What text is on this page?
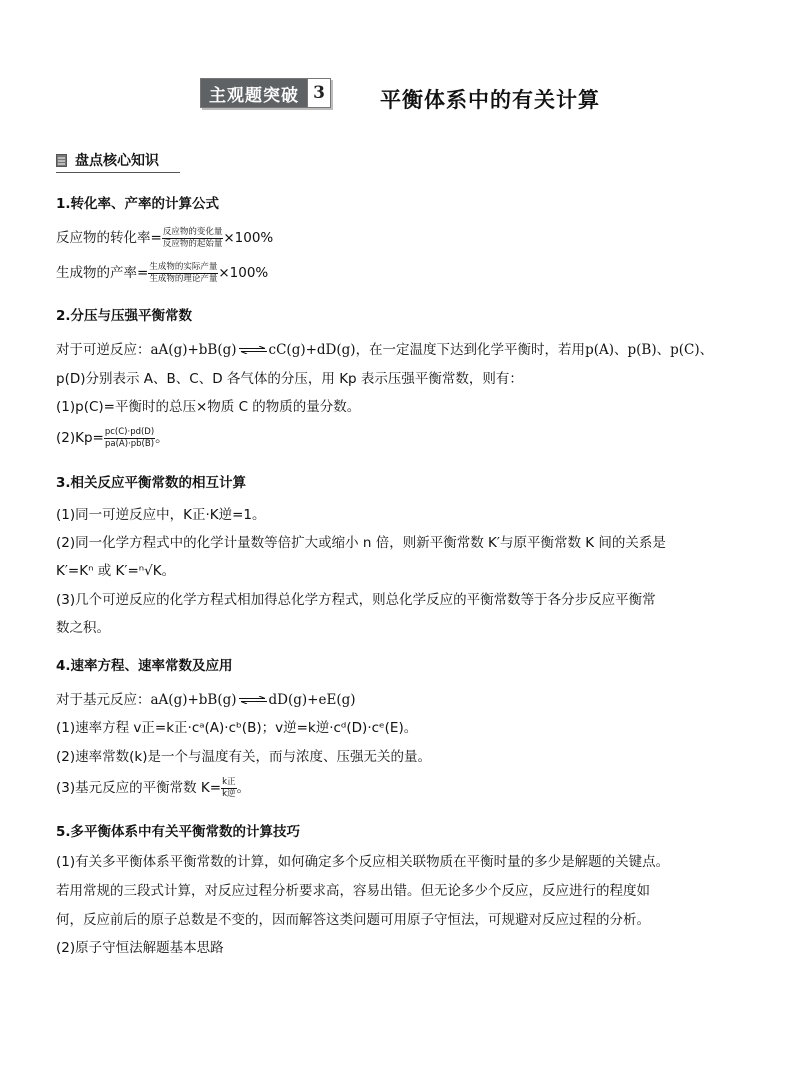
主观题突破 3	平衡体系中的有关计算
盘点核心知识
1.转化率、产率的计算公式
反应物的转化率= $\frac{\text{反应物的变化量}}{\text{反应物的起始量}} \times 100\%$
生成物的产率= $\frac{\text{生成物的实际产量}}{\text{生成物的理论产量}} \times 100\%$
2.分压与压强平衡常数
对于可逆反应：aA(g)+bB(g) ⇌ cC(g)+dD(g)，在一定温度下达到化学平衡时，若用p(A)、p(B)、p(C)、
p(D)分别表示 A、B、C、D 各气体的分压，用 Kp 表示压强平衡常数，则有：
(1)p(C)=平衡时的总压×物质 C 的物质的量分数。
$(2)Kp= \frac{pc(C)\cdot pd(D)}{pa(A)\cdot pb(B)}$ 。
3.相关反应平衡常数的相互计算
(1)同一可逆反应中，K正·K逆=1。
(2)同一化学方程式中的化学计量数等倍扩大或缩小 n 倍，则新平衡常数 K′与原平衡常数 K 间的关系是
K′=Kⁿ 或 K′=ⁿ√K。
(3)几个可逆反应的化学方程式相加得总化学方程式，则总化学反应的平衡常数等于各分步反应平衡常
数之积。
4.速率方程、速率常数及应用
对于基元反应：aA(g)+bB(g) ⇌ dD(g)+eE(g)
(1)速率方程 v正=k正·cᵃ(A)·cᵇ(B)；v逆=k逆·cᵈ(D)·cᵉ(E)。
(2)速率常数(k)是一个与温度有关，而与浓度、压强无关的量。
(3)基元反应的平衡常数 $K= \frac{\text{k正}}{\text{k逆}}$ 。
5.多平衡体系中有关平衡常数的计算技巧
(1)有关多平衡体系平衡常数的计算，如何确定多个反应相关联物质在平衡时量的多少是解题的关键点。
若用常规的三段式计算，对反应过程分析要求高，容易出错。但无论多少个反应，反应进行的程度如
何，反应前后的原子总数是不变的，因而解答这类问题可用原子守恒法，可规避对反应过程的分析。
(2)原子守恒法解题基本思路
